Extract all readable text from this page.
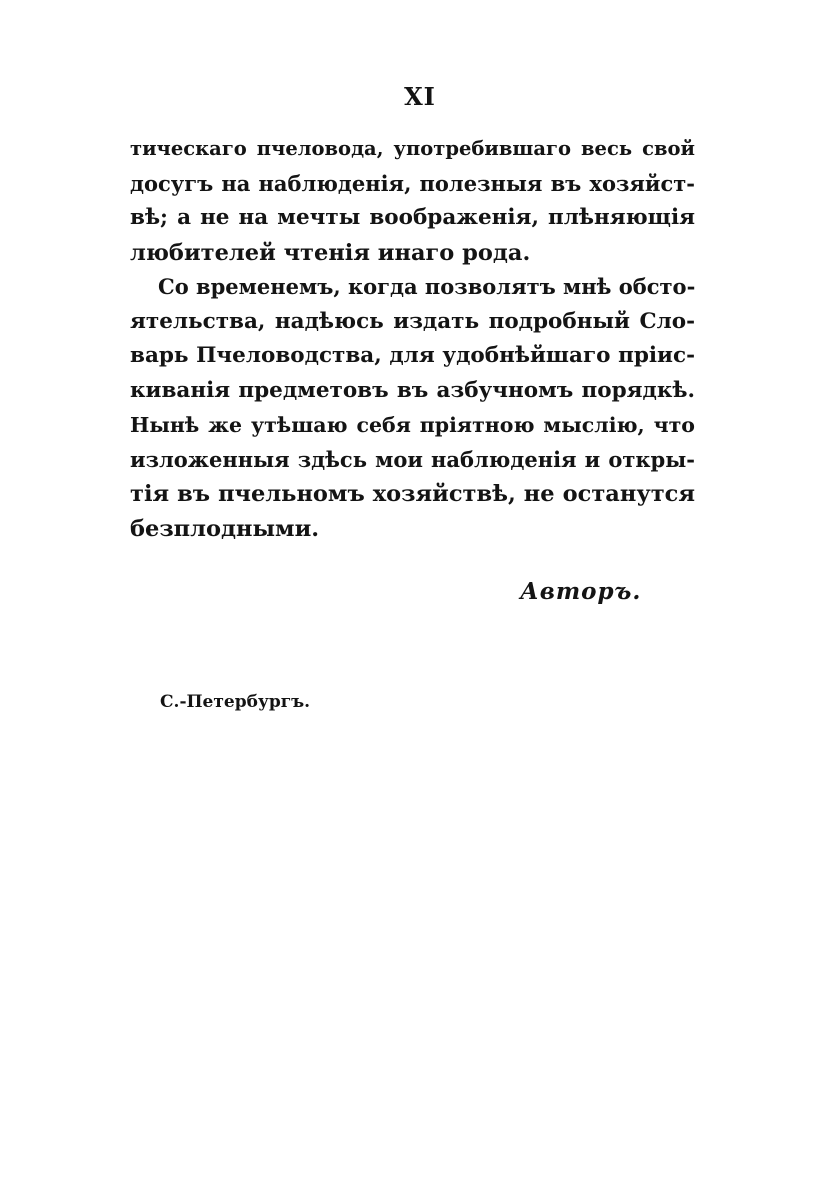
XI
тическаго пчеловода, употребившаго весь свой
досугъ на наблюденія, полезныя въ хозяйст-
вѣ; а не на мечты воображенія, плѣняющія
любителей чтенія инаго рода.
Со временемъ, когда позволятъ мнѣ обсто-
ятельства, надѣюсь издать подробный Сло-
варь Пчеловодства, для удобнѣйшаго пріис-
киванія предметовъ въ азбучномъ порядкѣ.
Нынѣ же утѣшаю себя пріятною мыслію, что
изложенныя здѣсь мои наблюденія и откры-
тія въ пчельномъ хозяйствѣ, не останутся
безплодными.
Авторъ.
С.-Петербургъ.
